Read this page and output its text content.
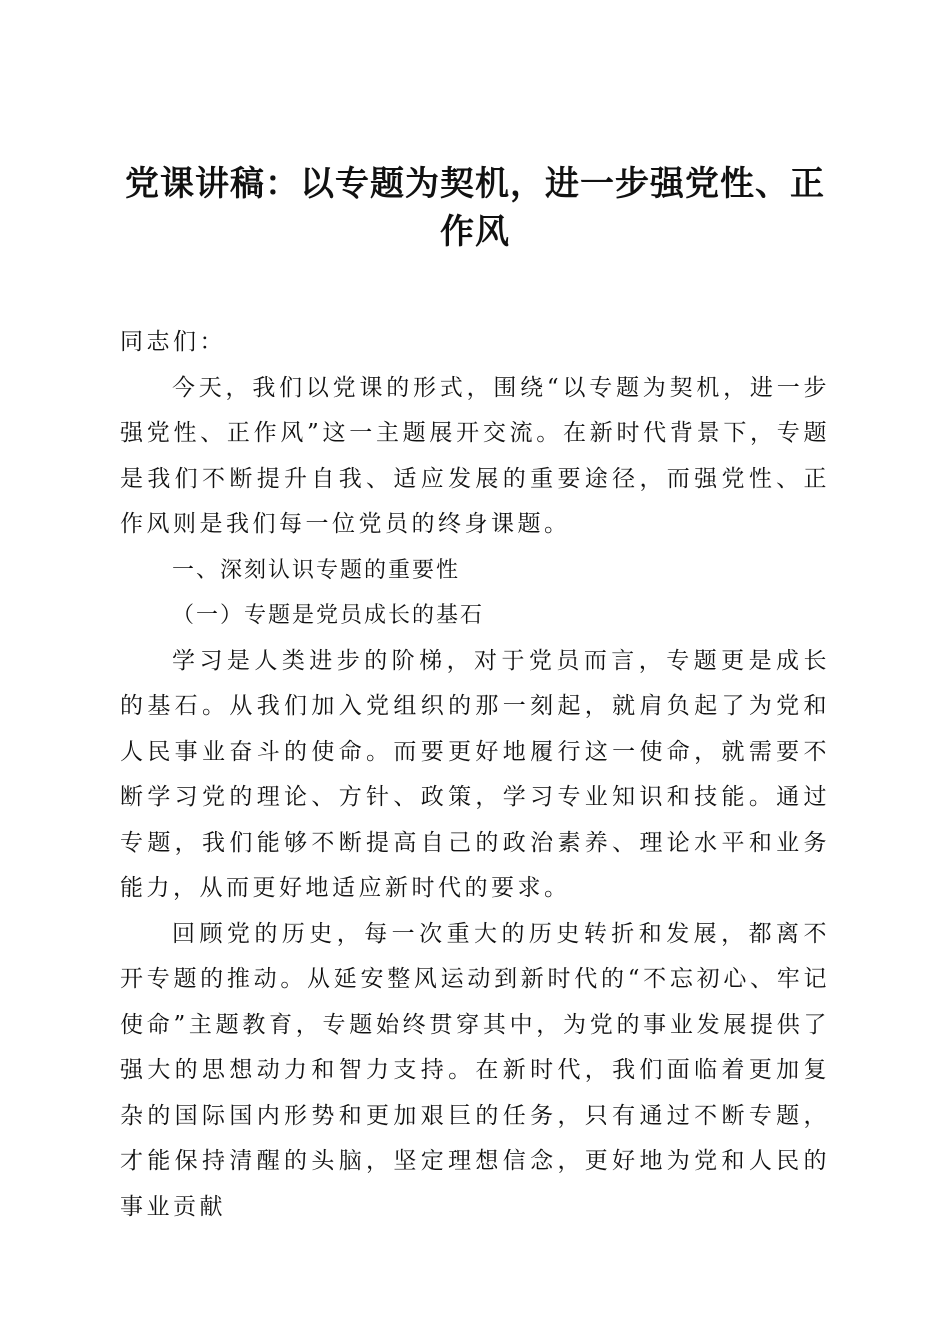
党课讲稿：以专题为契机，进一步强党性、正作风

同志们：

今天，我们以党课的形式，围绕“以专题为契机，进一步强党性、正作风”这一主题展开交流。在新时代背景下，专题是我们不断提升自我、适应发展的重要途径，而强党性、正作风则是我们每一位党员的终身课题。

一、深刻认识专题的重要性

（一）专题是党员成长的基石

学习是人类进步的阶梯，对于党员而言，专题更是成长的基石。从我们加入党组织的那一刻起，就肩负起了为党和人民事业奋斗的使命。而要更好地履行这一使命，就需要不断学习党的理论、方针、政策，学习专业知识和技能。通过专题，我们能够不断提高自己的政治素养、理论水平和业务能力，从而更好地适应新时代的要求。

回顾党的历史，每一次重大的历史转折和发展，都离不开专题的推动。从延安整风运动到新时代的“不忘初心、牢记使命”主题教育，专题始终贯穿其中，为党的事业发展提供了强大的思想动力和智力支持。在新时代，我们面临着更加复杂的国际国内形势和更加艰巨的任务，只有通过不断专题，才能保持清醒的头脑，坚定理想信念，更好地为党和人民的事业贡献
